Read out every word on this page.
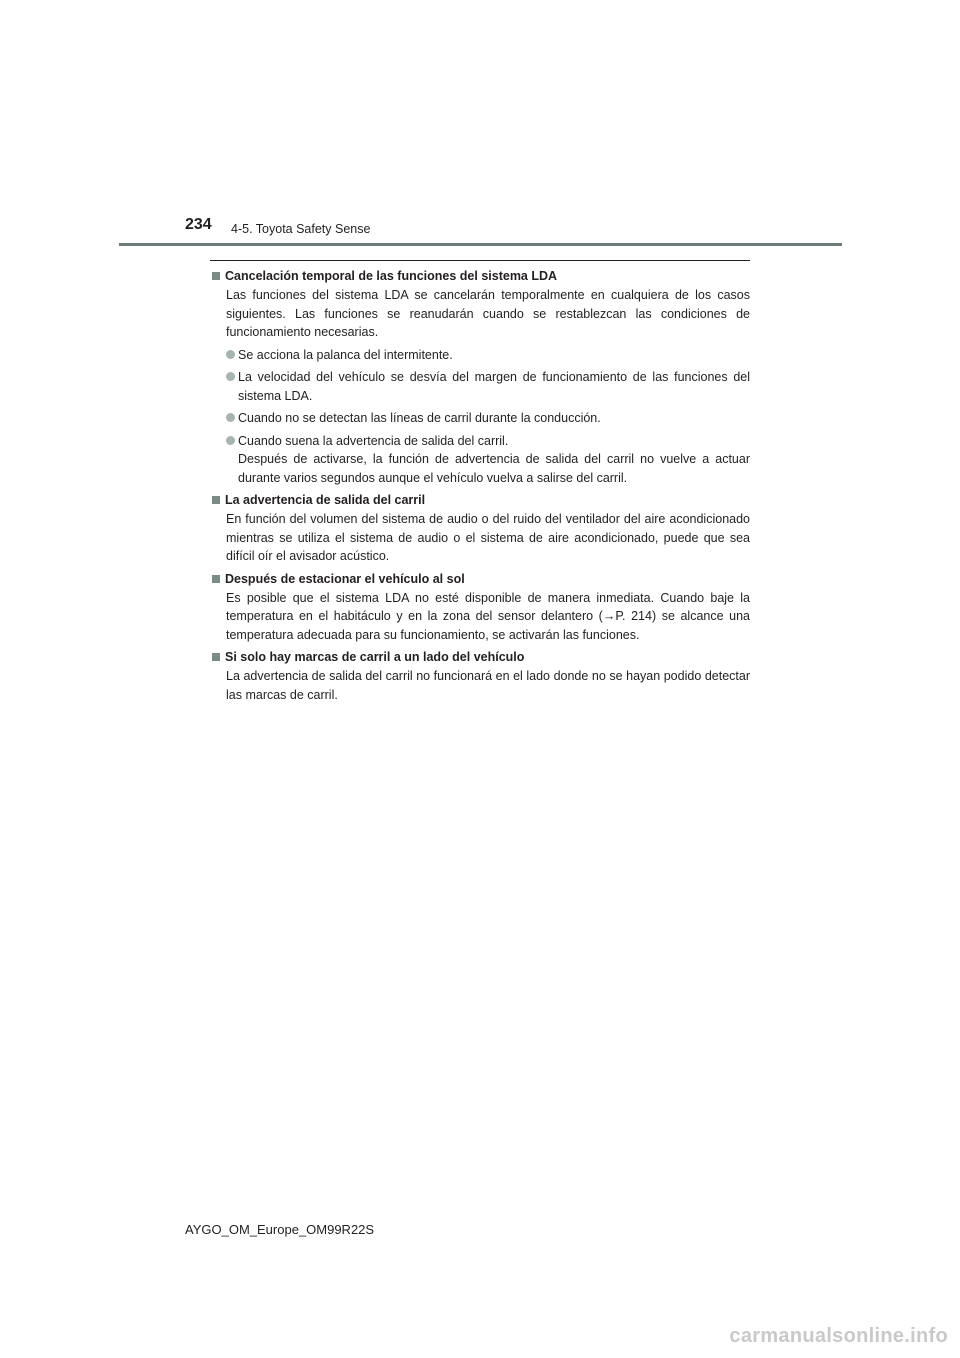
234 4-5. Toyota Safety Sense
Cancelación temporal de las funciones del sistema LDA
Las funciones del sistema LDA se cancelarán temporalmente en cualquiera de los casos siguientes. Las funciones se reanudarán cuando se restablezcan las condiciones de funcionamiento necesarias.
Se acciona la palanca del intermitente.
La velocidad del vehículo se desvía del margen de funcionamiento de las funciones del sistema LDA.
Cuando no se detectan las líneas de carril durante la conducción.
Cuando suena la advertencia de salida del carril.
Después de activarse, la función de advertencia de salida del carril no vuelve a actuar durante varios segundos aunque el vehículo vuelva a salirse del carril.
La advertencia de salida del carril
En función del volumen del sistema de audio o del ruido del ventilador del aire acondicionado mientras se utiliza el sistema de audio o el sistema de aire acondicionado, puede que sea difícil oír el avisador acústico.
Después de estacionar el vehículo al sol
Es posible que el sistema LDA no esté disponible de manera inmediata. Cuando baje la temperatura en el habitáculo y en la zona del sensor delantero (→P. 214) se alcance una temperatura adecuada para su funcionamiento, se activarán las funciones.
Si solo hay marcas de carril a un lado del vehículo
La advertencia de salida del carril no funcionará en el lado donde no se hayan podido detectar las marcas de carril.
AYGO_OM_Europe_OM99R22S
carmanualsonline.info
